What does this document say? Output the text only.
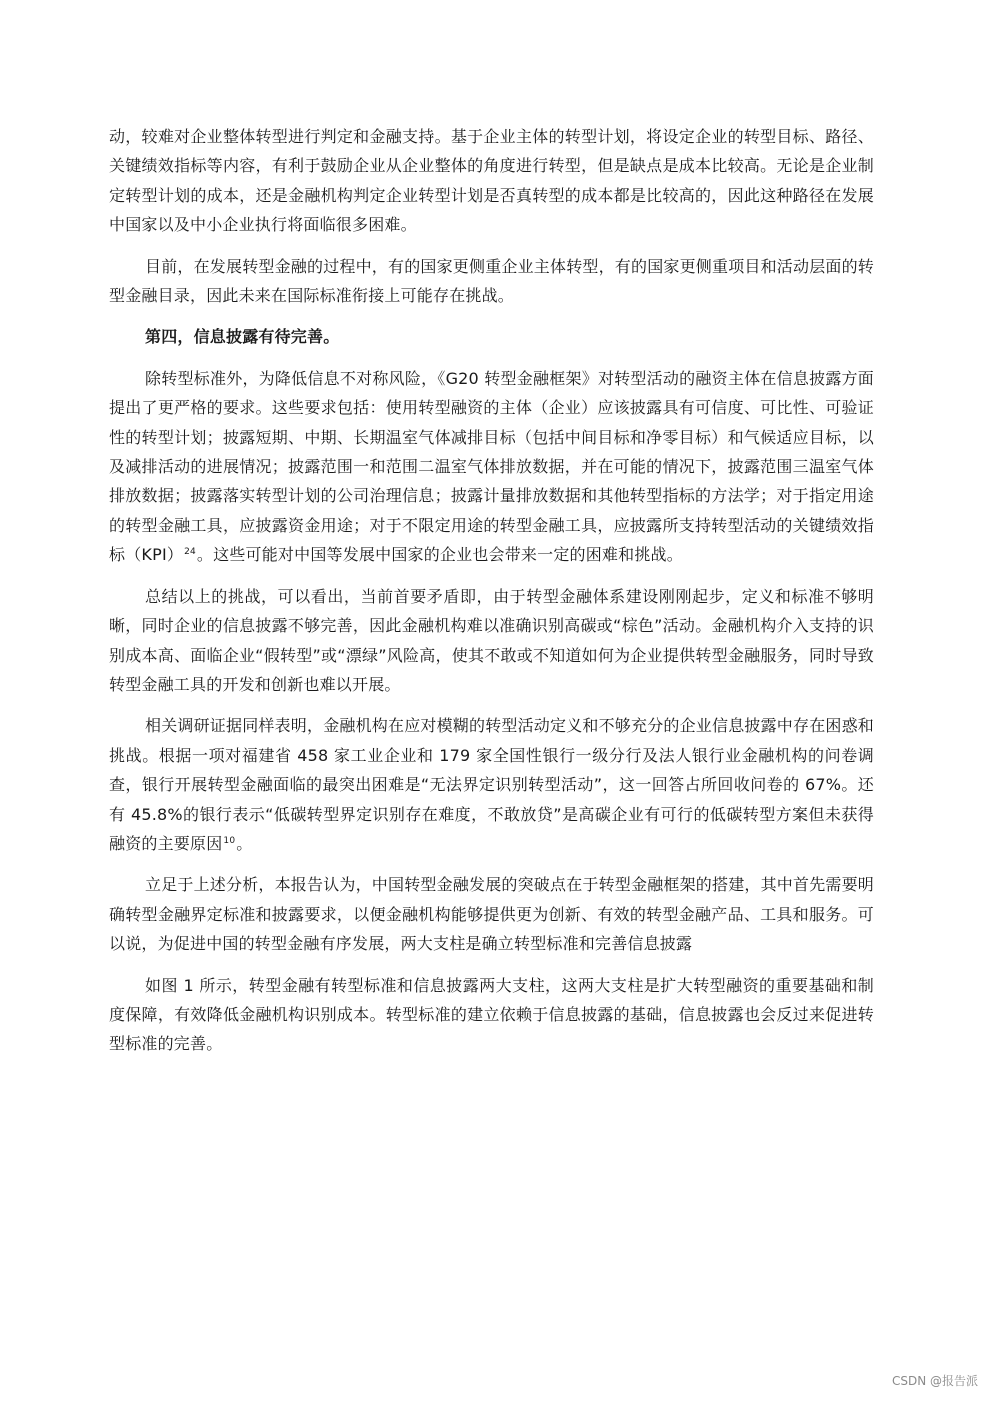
动，较难对企业整体转型进行判定和金融支持。基于企业主体的转型计划，将设定企业的转型目标、路径、关键绩效指标等内容，有利于鼓励企业从企业整体的角度进行转型，但是缺点是成本比较高。无论是企业制定转型计划的成本，还是金融机构判定企业转型计划是否真转型的成本都是比较高的，因此这种路径在发展中国家以及中小企业执行将面临很多困难。

目前，在发展转型金融的过程中，有的国家更侧重企业主体转型，有的国家更侧重项目和活动层面的转型金融目录，因此未来在国际标准衔接上可能存在挑战。

第四，信息披露有待完善。

除转型标准外，为降低信息不对称风险，《G20 转型金融框架》对转型活动的融资主体在信息披露方面提出了更严格的要求。这些要求包括：使用转型融资的主体（企业）应该披露具有可信度、可比性、可验证性的转型计划；披露短期、中期、长期温室气体减排目标（包括中间目标和净零目标）和气候适应目标，以及减排活动的进展情况；披露范围一和范围二温室气体排放数据，并在可能的情况下，披露范围三温室气体排放数据；披露落实转型计划的公司治理信息；披露计量排放数据和其他转型指标的方法学；对于指定用途的转型金融工具，应披露资金用途；对于不限定用途的转型金融工具，应披露所支持转型活动的关键绩效指标（KPI）$^{24}$。这些可能对中国等发展中国家的企业也会带来一定的困难和挑战。

总结以上的挑战，可以看出，当前首要矛盾即，由于转型金融体系建设刚刚起步，定义和标准不够明晰，同时企业的信息披露不够完善，因此金融机构难以准确识别高碳或“棕色”活动。金融机构介入支持的识别成本高、面临企业“假转型”或“漂绿”风险高，使其不敢或不知道如何为企业提供转型金融服务，同时导致转型金融工具的开发和创新也难以开展。

相关调研证据同样表明，金融机构在应对模糊的转型活动定义和不够充分的企业信息披露中存在困惑和挑战。根据一项对福建省 458 家工业企业和 179 家全国性银行一级分行及法人银行业金融机构的问卷调查，银行开展转型金融面临的最突出困难是“无法界定识别转型活动”，这一回答占所回收问卷的 67%。还有 45.8%的银行表示“低碳转型界定识别存在难度，不敢放贷”是高碳企业有可行的低碳转型方案但未获得融资的主要原因$^{10}$。

立足于上述分析，本报告认为，中国转型金融发展的突破点在于转型金融框架的搭建，其中首先需要明确转型金融界定标准和披露要求，以便金融机构能够提供更为创新、有效的转型金融产品、工具和服务。可以说，为促进中国的转型金融有序发展，两大支柱是确立转型标准和完善信息披露

如图 1 所示，转型金融有转型标准和信息披露两大支柱，这两大支柱是扩大转型融资的重要基础和制度保障，有效降低金融机构识别成本。转型标准的建立依赖于信息披露的基础，信息披露也会反过来促进转型标准的完善。

CSDN @报告派
